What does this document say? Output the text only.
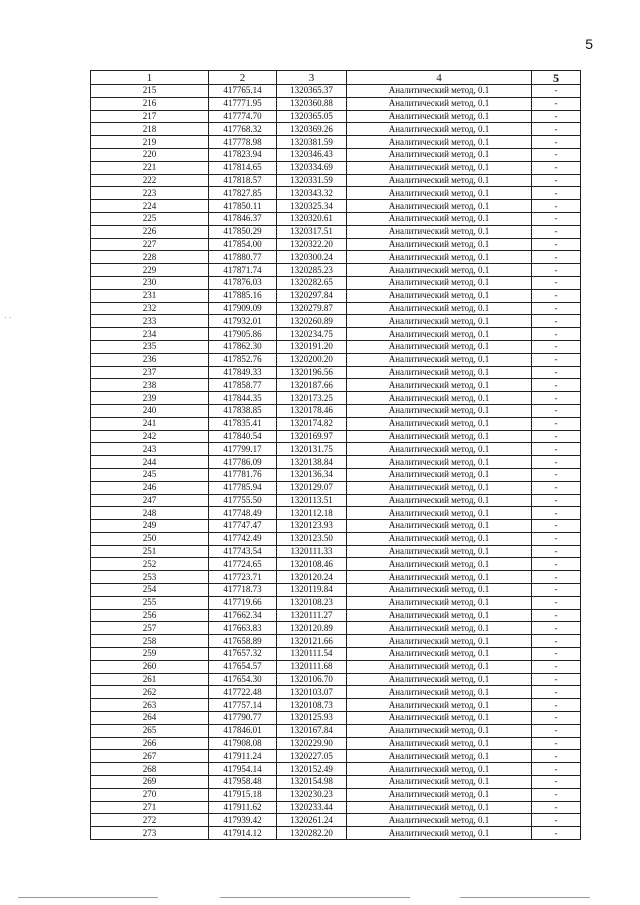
5
· ·
1	2	3	4	5
215	417765.14	1320365.37	Аналитический метод, 0.1	-
216	417771.95	1320360.88	Аналитический метод, 0.1	-
217	417774.70	1320365.05	Аналитический метод, 0.1	-
218	417768.32	1320369.26	Аналитический метод, 0.1	-
219	417778.98	1320381.59	Аналитический метод, 0.1	-
220	417823.94	1320346.43	Аналитический метод, 0.1	-
221	417814.65	1320334.69	Аналитический метод, 0.1	-
222	417818.57	1320331.59	Аналитический метод, 0.1	-
223	417827.85	1320343.32	Аналитический метод, 0.1	-
224	417850.11	1320325.34	Аналитический метод, 0.1	-
225	417846.37	1320320.61	Аналитический метод, 0.1	-
226	417850.29	1320317.51	Аналитический метод, 0.1	-
227	417854.00	1320322.20	Аналитический метод, 0.1	-
228	417880.77	1320300.24	Аналитический метод, 0.1	-
229	417871.74	1320285.23	Аналитический метод, 0.1	-
230	417876.03	1320282.65	Аналитический метод, 0.1	-
231	417885.16	1320297.84	Аналитический метод, 0.1	-
232	417909.09	1320279.87	Аналитический метод, 0.1	-
233	417932.01	1320260.89	Аналитический метод, 0.1	-
234	417905.86	1320234.75	Аналитический метод, 0.1	-
235	417862.30	1320191.20	Аналитический метод, 0.1	-
236	417852.76	1320200.20	Аналитический метод, 0.1	-
237	417849.33	1320196.56	Аналитический метод, 0.1	-
238	417858.77	1320187.66	Аналитический метод, 0.1	-
239	417844.35	1320173.25	Аналитический метод, 0.1	-
240	417838.85	1320178.46	Аналитический метод, 0.1	-
241	417835.41	1320174.82	Аналитический метод, 0.1	-
242	417840.54	1320169.97	Аналитический метод, 0.1	-
243	417799.17	1320131.75	Аналитический метод, 0.1	-
244	417786.09	1320138.84	Аналитический метод, 0.1	-
245	417781.76	1320136.34	Аналитический метод, 0.1	-
246	417785.94	1320129.07	Аналитический метод, 0.1	-
247	417755.50	1320113.51	Аналитический метод, 0.1	-
248	417748.49	1320112.18	Аналитический метод, 0.1	-
249	417747.47	1320123.93	Аналитический метод, 0.1	-
250	417742.49	1320123.50	Аналитический метод, 0.1	-
251	417743.54	1320111.33	Аналитический метод, 0.1	-
252	417724.65	1320108.46	Аналитический метод, 0.1	-
253	417723.71	1320120.24	Аналитический метод, 0.1	-
254	417718.73	1320119.84	Аналитический метод, 0.1	-
255	417719.66	1320108.23	Аналитический метод, 0.1	-
256	417662.34	1320111.27	Аналитический метод, 0.1	-
257	417663.83	1320120.89	Аналитический метод, 0.1	-
258	417658.89	1320121.66	Аналитический метод, 0.1	-
259	417657.32	1320111.54	Аналитический метод, 0.1	-
260	417654.57	1320111.68	Аналитический метод, 0.1	-
261	417654.30	1320106.70	Аналитический метод, 0.1	-
262	417722.48	1320103.07	Аналитический метод, 0.1	-
263	417757.14	1320108.73	Аналитический метод, 0.1	-
264	417790.77	1320125.93	Аналитический метод, 0.1	-
265	417846.01	1320167.84	Аналитический метод, 0.1	-
266	417908.08	1320229.90	Аналитический метод, 0.1	-
267	417911.24	1320227.05	Аналитический метод, 0.1	-
268	417954.14	1320152.49	Аналитический метод, 0.1	-
269	417958.48	1320154.98	Аналитический метод, 0.1	-
270	417915.18	1320230.23	Аналитический метод, 0.1	-
271	417911.62	1320233.44	Аналитический метод, 0.1	-
272	417939.42	1320261.24	Аналитический метод, 0.1	-
273	417914.12	1320282.20	Аналитический метод, 0.1	-
